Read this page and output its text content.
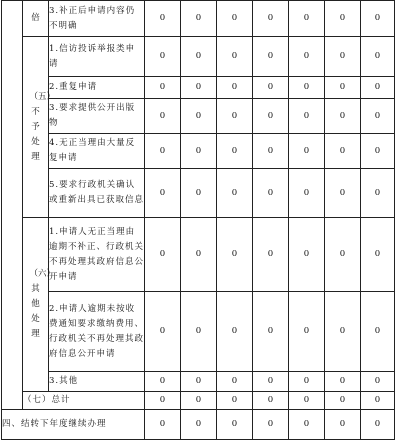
	倍	3.补正后申请内容仍不明确	0	0	0	0	0	0	0
	（五）不予处理	1.信访投诉举报类申请	0	0	0	0	0	0	0
		2.重复申请	0	0	0	0	0	0	0
		3.要求提供公开出版物	0	0	0	0	0	0	0
		4.无正当理由大量反复申请	0	0	0	0	0	0	0
		5.要求行政机关确认或重新出具已获取信息	0	0	0	0	0	0	0
	（六）其他处理	1.申请人无正当理由逾期不补正、行政机关不再处理其政府信息公开申请	0	0	0	0	0	0	0
		2.申请人逾期未按收费通知要求缴纳费用、行政机关不再处理其政府信息公开申请	0	0	0	0	0	0	0
		3.其他	0	0	0	0	0	0	0
	（七）总计		0	0	0	0	0	0	0
四、结转下年度继续办理			0	0	0	0	0	0	0
